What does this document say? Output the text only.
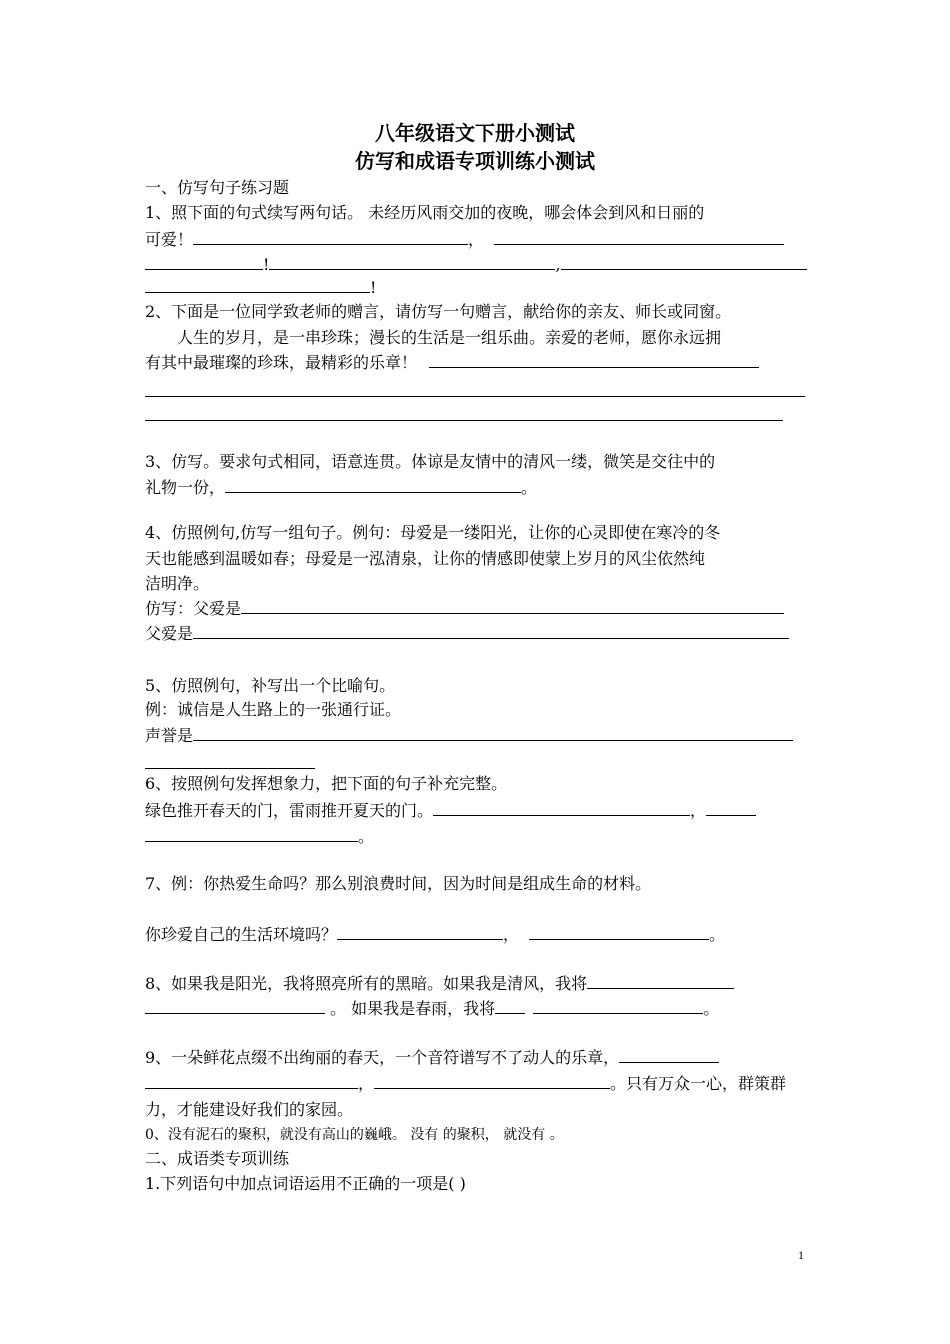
八年级语文下册小测试
仿写和成语专项训练小测试
一、仿写句子练习题
1、照下面的句式续写两句话。 未经历风雨交加的夜晚，哪会体会到风和日丽的
可爱！	，
!	,
!
2、下面是一位同学致老师的赠言，请仿写一句赠言，献给你的亲友、师长或同窗。
人生的岁月，是一串珍珠；漫长的生活是一组乐曲。亲爱的老师，愿你永远拥
有其中最璀璨的珍珠，最精彩的乐章！
3、仿写。要求句式相同，语意连贯。体谅是友情中的清风一缕，微笑是交往中的
礼物一份，	。
4、仿照例句,仿写一组句子。例句：母爱是一缕阳光，让你的心灵即使在寒冷的冬
天也能感到温暖如春；母爱是一泓清泉，让你的情感即使蒙上岁月的风尘依然纯
洁明净。
仿写：父爱是
父爱是
5、仿照例句，补写出一个比喻句。
例：诚信是人生路上的一张通行证。
声誉是
6、按照例句发挥想象力，把下面的句子补充完整。
绿色推开春天的门，雷雨推开夏天的门。	，
。
7、例：你热爱生命吗？那么别浪费时间，因为时间是组成生命的材料。
你珍爱自己的生活环境吗？	，	。
8、如果我是阳光，我将照亮所有的黑暗。如果我是清风，我将
。 如果我是春雨，我将	。
9、一朵鲜花点缀不出绚丽的春天，一个音符谱写不了动人的乐章，
，	。只有万众一心，群策群
力，才能建设好我们的家园。
0、没有泥石的聚积，就没有高山的巍峨。 没有 的聚积， 就没有 。
二、成语类专项训练
1.下列语句中加点词语运用不正确的一项是( )
1
